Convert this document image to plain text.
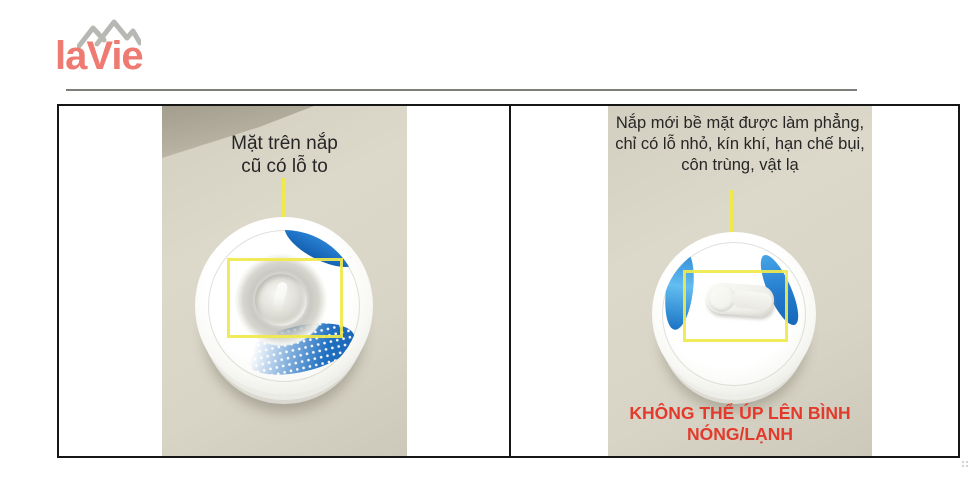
laVie
Mặt trên nắp
cũ có lỗ to
Nắp mới bề mặt được làm phẳng,
chỉ có lỗ nhỏ, kín khí, hạn chế bụi,
côn trùng, vật lạ
KHÔNG THỂ ÚP LÊN BÌNH
NÓNG/LẠNH
